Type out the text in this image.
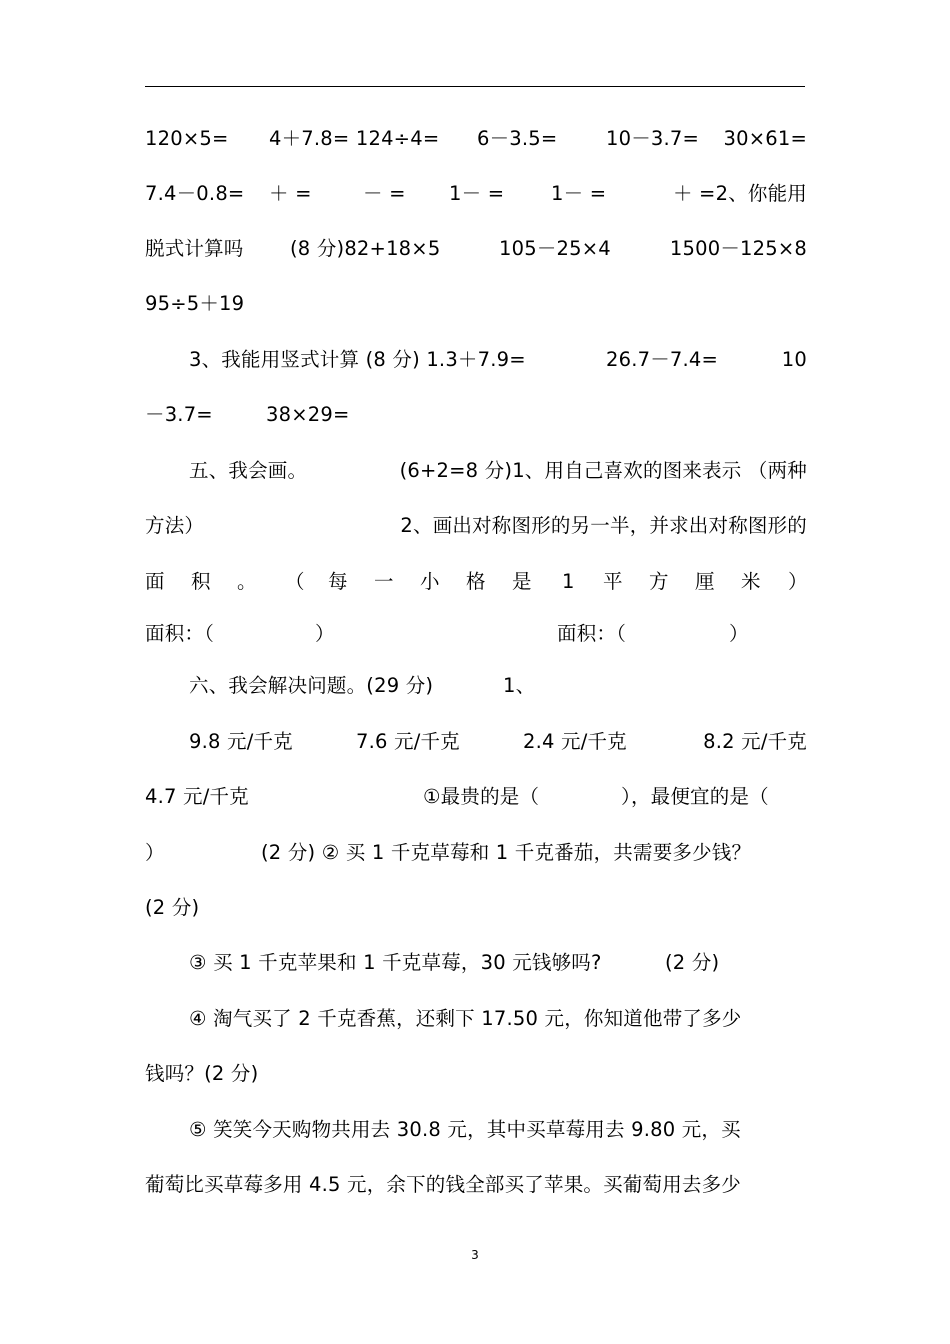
120×5= 4＋7.8= 124÷4= 6－3.5= 10－3.7= 30×61=
7.4－0.8= ＋ =	－ = 1－ = 1－ =	＋ =2、你能用
脱式计算吗 (8 分)82+18×5	105－25×4	1500－125×8
95÷5＋19
3、我能用竖式计算 (8 分) 1.3＋7.9=	26.7－7.4=	10
－3.7=	38×29=
五、我会画。	(6+2=8 分)1、用自己喜欢的图来表示 （两种
方法）	2、画出对称图形的另一半，并求出对称图形的
面 积 。 （ 每 一 小 格 是 1 平 方 厘 米 ）
面积：（	）	面积：（	）
六、我会解决问题。(29 分)	1、
9.8 元/千克	7.6 元/千克	2.4 元/千克	8.2 元/千克
4.7 元/千克	①最贵的是（	），最便宜的是（
）	(2 分) ② 买 1 千克草莓和 1 千克番茄，共需要多少钱？
(2 分)
③ 买 1 千克苹果和 1 千克草莓，30 元钱够吗?	(2 分)
④ 淘气买了 2 千克香蕉，还剩下 17.50 元，你知道他带了多少
钱吗？(2 分)
⑤ 笑笑今天购物共用去 30.8 元，其中买草莓用去 9.80 元，买
葡萄比买草莓多用 4.5 元，余下的钱全部买了苹果。买葡萄用去多少
3
